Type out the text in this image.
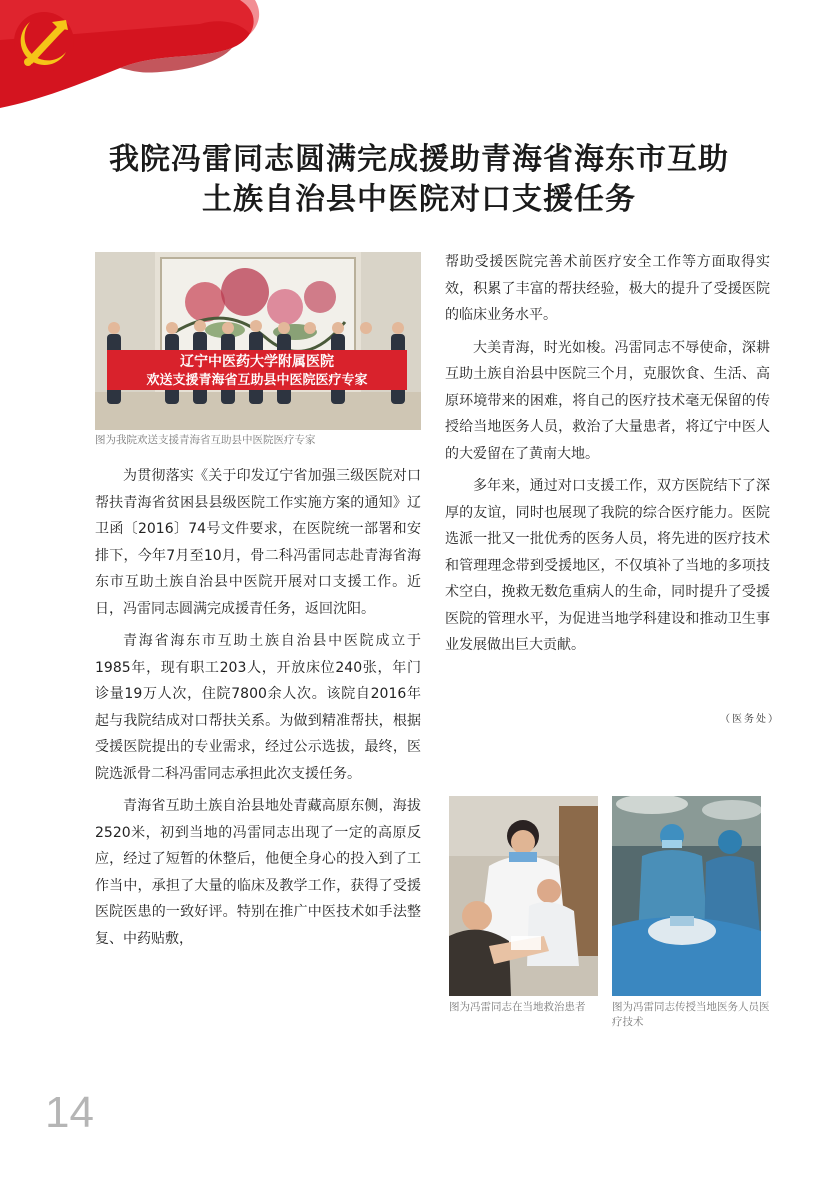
我院冯雷同志圆满完成援助青海省海东市互助
土族自治县中医院对口支援任务
辽宁中医药大学附属医院
欢送支援青海省互助县中医院医疗专家

图为我院欢送支援青海省互助县中医院医疗专家

为贯彻落实《关于印发辽宁省加强三级医院对口帮扶青海省贫困县县级医院工作实施方案的通知》辽卫函〔2016〕74号文件要求，在医院统一部署和安排下，今年7月至10月，骨二科冯雷同志赴青海省海东市互助土族自治县中医院开展对口支援工作。近日，冯雷同志圆满完成援青任务，返回沈阳。

青海省海东市互助土族自治县中医院成立于1985年，现有职工203人，开放床位240张，年门诊量19万人次，住院7800余人次。该院自2016年起与我院结成对口帮扶关系。为做到精准帮扶，根据受援医院提出的专业需求，经过公示选拔，最终，医院选派骨二科冯雷同志承担此次支援任务。

青海省互助土族自治县地处青藏高原东侧，海拔2520米，初到当地的冯雷同志出现了一定的高原反应，经过了短暂的休整后，他便全身心的投入到了工作当中，承担了大量的临床及教学工作，获得了受援医院医患的一致好评。特别在推广中医技术如手法整复、中药贴敷，

帮助受援医院完善术前医疗安全工作等方面取得实效，积累了丰富的帮扶经验，极大的提升了受援医院的临床业务水平。

大美青海，时光如梭。冯雷同志不辱使命，深耕互助土族自治县中医院三个月，克服饮食、生活、高原环境带来的困难，将自己的医疗技术毫无保留的传授给当地医务人员，救治了大量患者，将辽宁中医人的大爱留在了黄南大地。

多年来，通过对口支援工作，双方医院结下了深厚的友谊，同时也展现了我院的综合医疗能力。医院选派一批又一批优秀的医务人员，将先进的医疗技术和管理理念带到受援地区，不仅填补了当地的多项技术空白，挽救无数危重病人的生命，同时提升了受援医院的管理水平，为促进当地学科建设和推动卫生事业发展做出巨大贡献。

（医务处）

图为冯雷同志在当地救治患者	图为冯雷同志传授当地医务人员医疗技术

14
